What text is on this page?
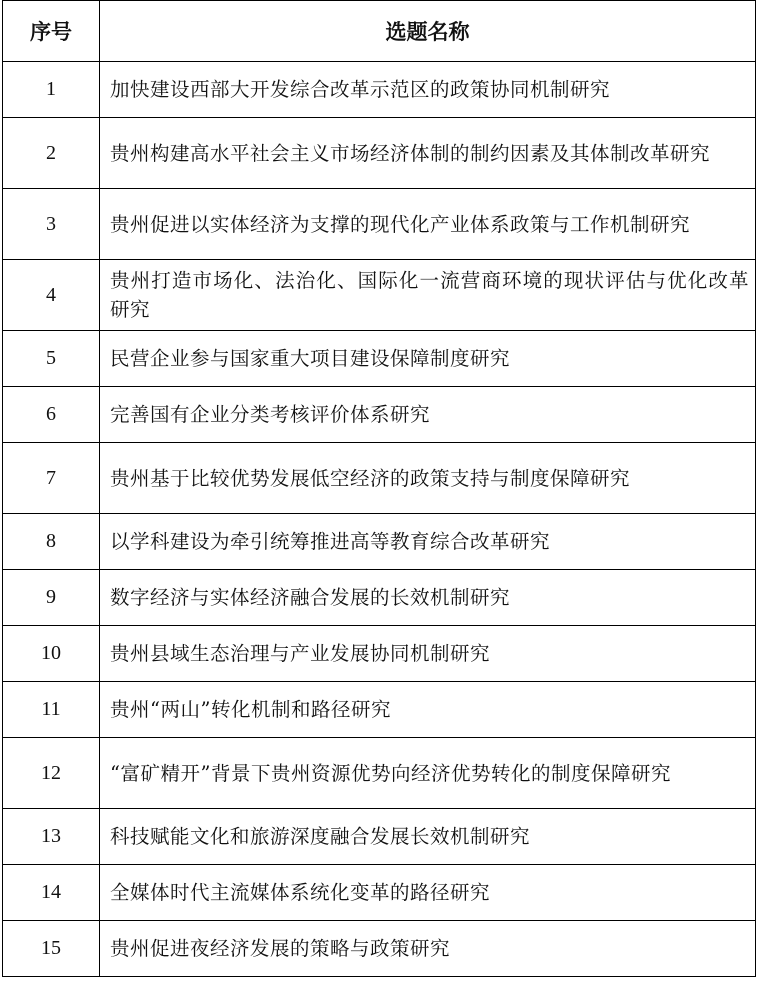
序号	选题名称
1	加快建设西部大开发综合改革示范区的政策协同机制研究
2	贵州构建高水平社会主义市场经济体制的制约因素及其体制改革研究
3	贵州促进以实体经济为支撑的现代化产业体系政策与工作机制研究
4	贵州打造市场化、法治化、国际化一流营商环境的现状评估与优化改革研究
5	民营企业参与国家重大项目建设保障制度研究
6	完善国有企业分类考核评价体系研究
7	贵州基于比较优势发展低空经济的政策支持与制度保障研究
8	以学科建设为牵引统筹推进高等教育综合改革研究
9	数字经济与实体经济融合发展的长效机制研究
10	贵州县域生态治理与产业发展协同机制研究
11	贵州“两山”转化机制和路径研究
12	“富矿精开”背景下贵州资源优势向经济优势转化的制度保障研究
13	科技赋能文化和旅游深度融合发展长效机制研究
14	全媒体时代主流媒体系统化变革的路径研究
15	贵州促进夜经济发展的策略与政策研究
